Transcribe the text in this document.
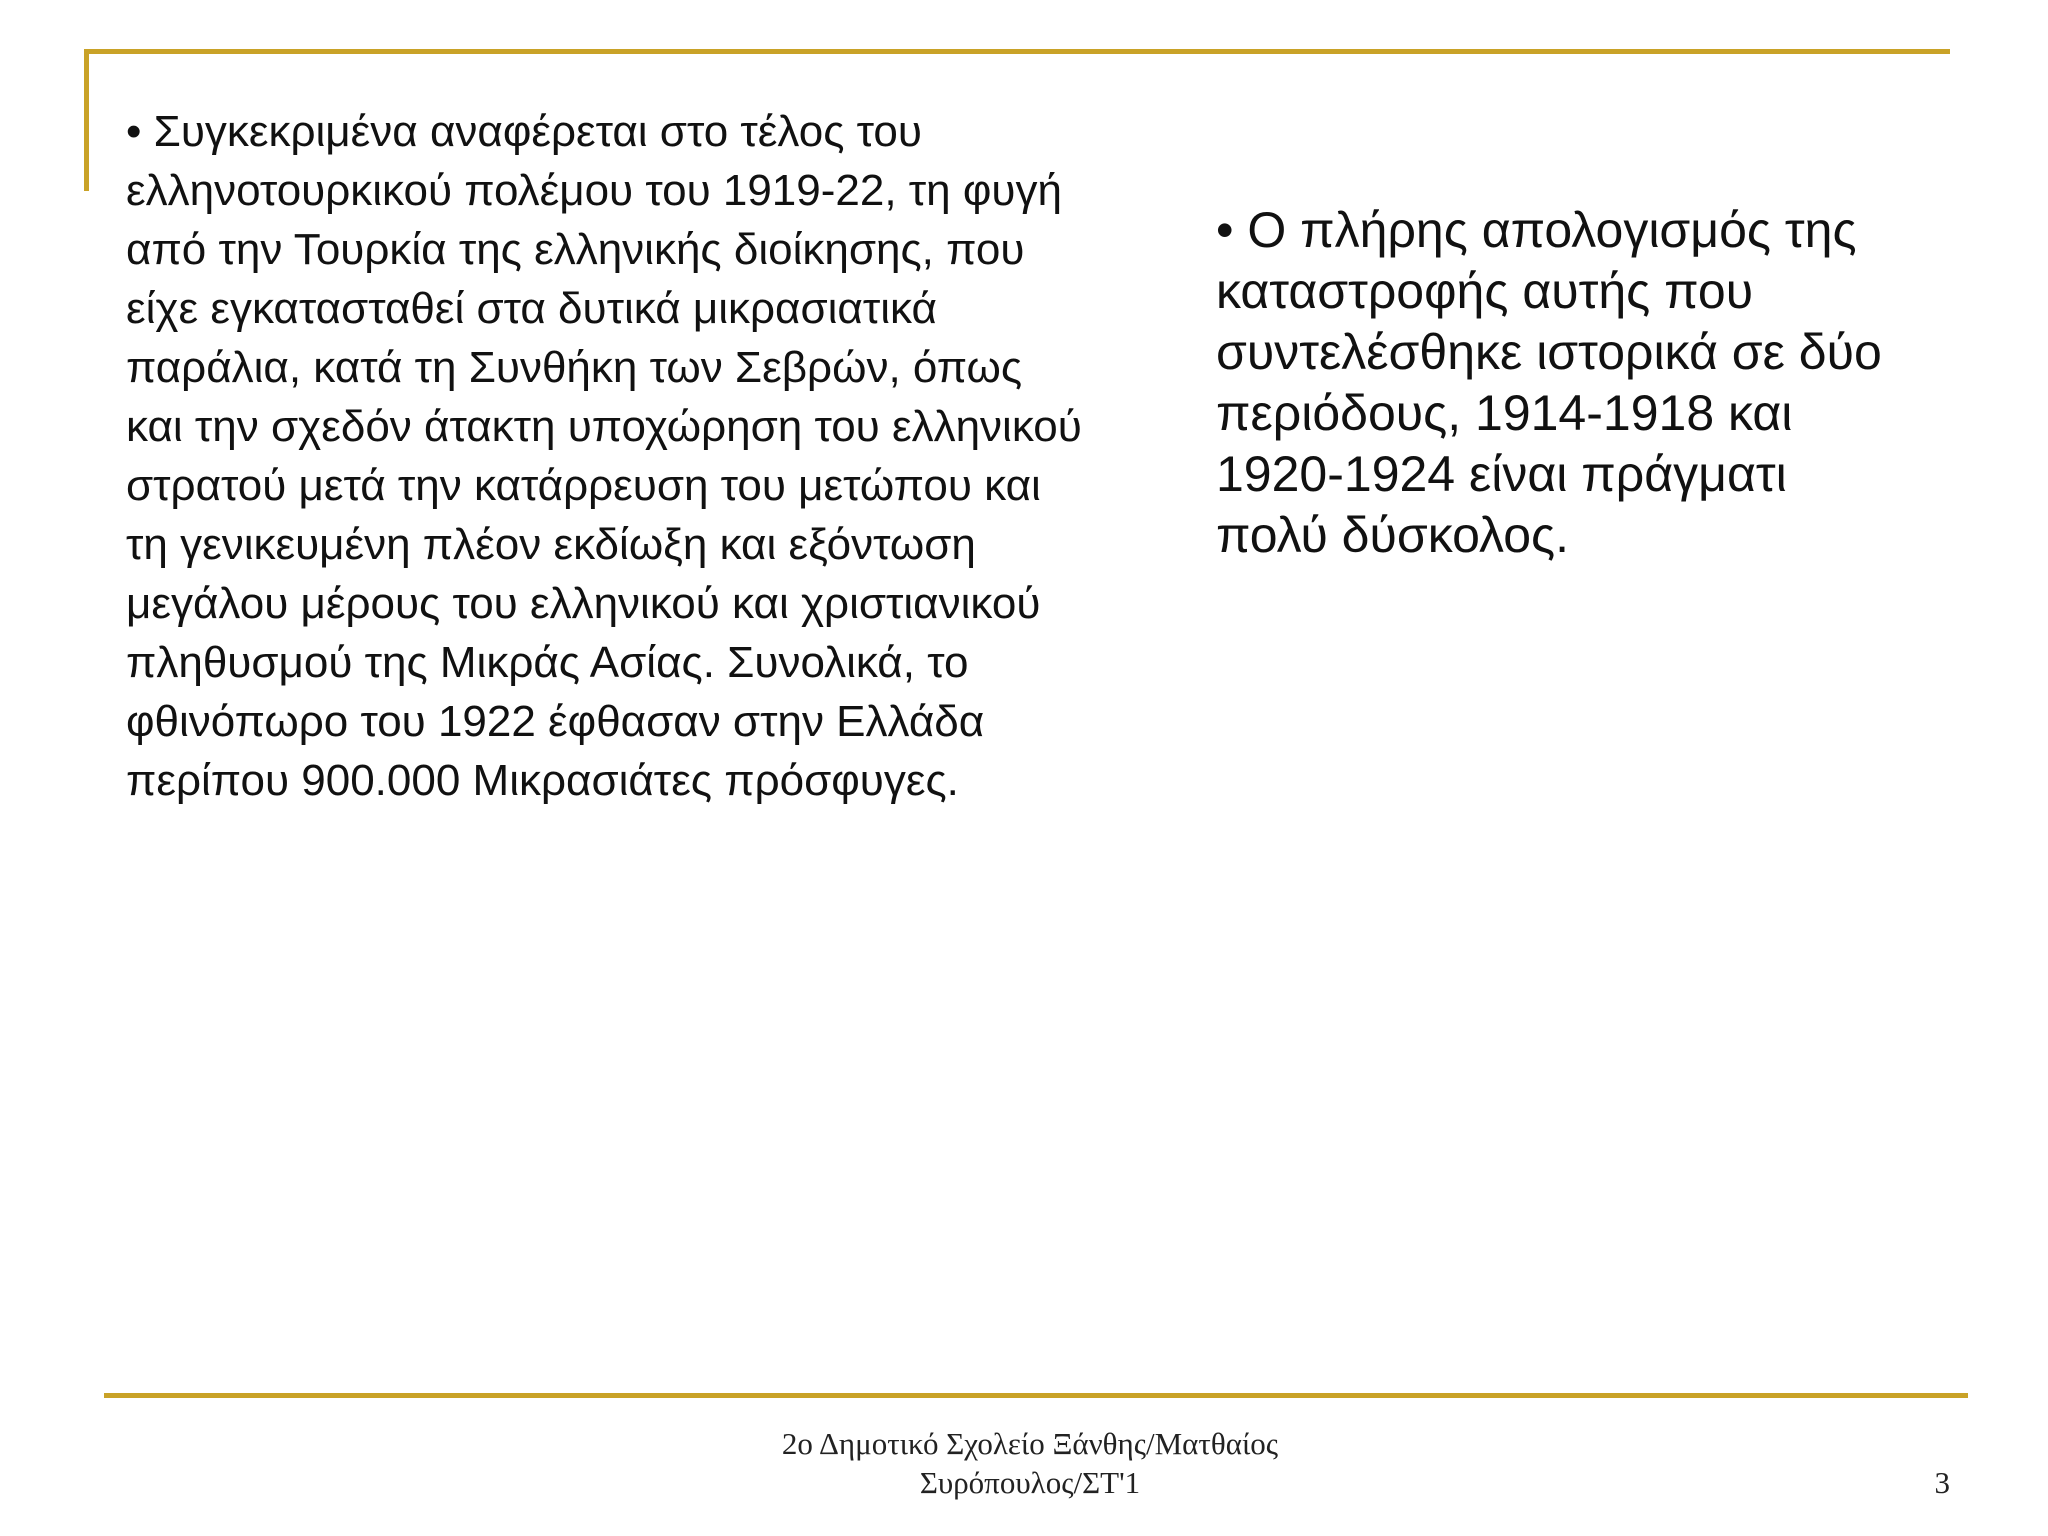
• Συγκεκριμένα αναφέρεται στο τέλος του ελληνοτουρκικού πολέμου του 1919-22, τη φυγή από την Τουρκία της ελληνικής διοίκησης, που είχε εγκατασταθεί στα δυτικά μικρασιατικά παράλια, κατά τη Συνθήκη των Σεβρών, όπως και την σχεδόν άτακτη υποχώρηση του ελληνικού στρατού μετά την κατάρρευση του μετώπου και τη γενικευμένη πλέον εκδίωξη και εξόντωση μεγάλου μέρους του ελληνικού και χριστιανικού πληθυσμού της Μικράς Ασίας. Συνολικά, το φθινόπωρο του 1922 έφθασαν στην Ελλάδα περίπου 900.000 Μικρασιάτες πρόσφυγες.

• Ο πλήρης απολογισμός της καταστροφής αυτής που συντελέσθηκε ιστορικά σε δύο περιόδους, 1914-1918 και 1920-1924 είναι πράγματι πολύ δύσκολος.

2ο Δημοτικό Σχολείο Ξάνθης/Ματθαίος
Συρόπουλος/ΣΤ'1	3
